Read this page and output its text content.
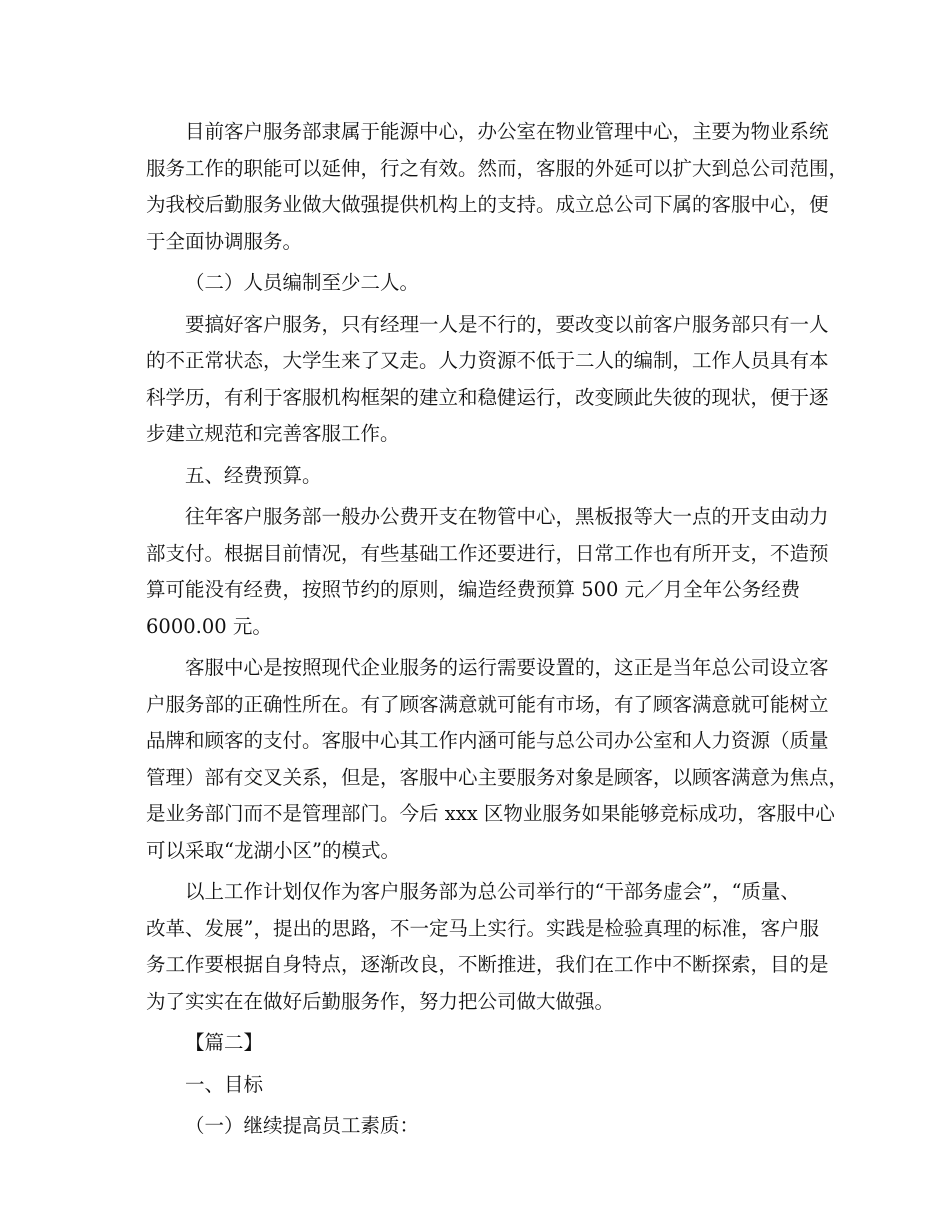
目前客户服务部隶属于能源中心，办公室在物业管理中心，主要为物业系统
服务工作的职能可以延伸，行之有效。然而，客服的外延可以扩大到总公司范围，
为我校后勤服务业做大做强提供机构上的支持。成立总公司下属的客服中心，便
于全面协调服务。

（二）人员编制至少二人。

要搞好客户服务，只有经理一人是不行的，要改变以前客户服务部只有一人
的不正常状态，大学生来了又走。人力资源不低于二人的编制，工作人员具有本
科学历，有利于客服机构框架的建立和稳健运行，改变顾此失彼的现状，便于逐
步建立规范和完善客服工作。

五、经费预算。

往年客户服务部一般办公费开支在物管中心，黑板报等大一点的开支由动力
部支付。根据目前情况，有些基础工作还要进行，日常工作也有所开支，不造预
算可能没有经费，按照节约的原则，编造经费预算 500 元／月全年公务经费
6000.00 元。
客服中心是按照现代企业服务的运行需要设置的，这正是当年总公司设立客
户服务部的正确性所在。有了顾客满意就可能有市场，有了顾客满意就可能树立
品牌和顾客的支付。客服中心其工作内涵可能与总公司办公室和人力资源（质量
管理）部有交叉关系，但是，客服中心主要服务对象是顾客，以顾客满意为焦点，
是业务部门而不是管理部门。今后 xxx 区物业服务如果能够竞标成功，客服中心
可以采取“龙湖小区”的模式。
以上工作计划仅作为客户服务部为总公司举行的“干部务虚会”，“质量、
改革、发展”，提出的思路，不一定马上实行。实践是检验真理的标准，客户服
务工作要根据自身特点，逐渐改良，不断推进，我们在工作中不断探索，目的是
为了实实在在做好后勤服务作，努力把公司做大做强。

【篇二】

一、目标

（一）继续提高员工素质：
